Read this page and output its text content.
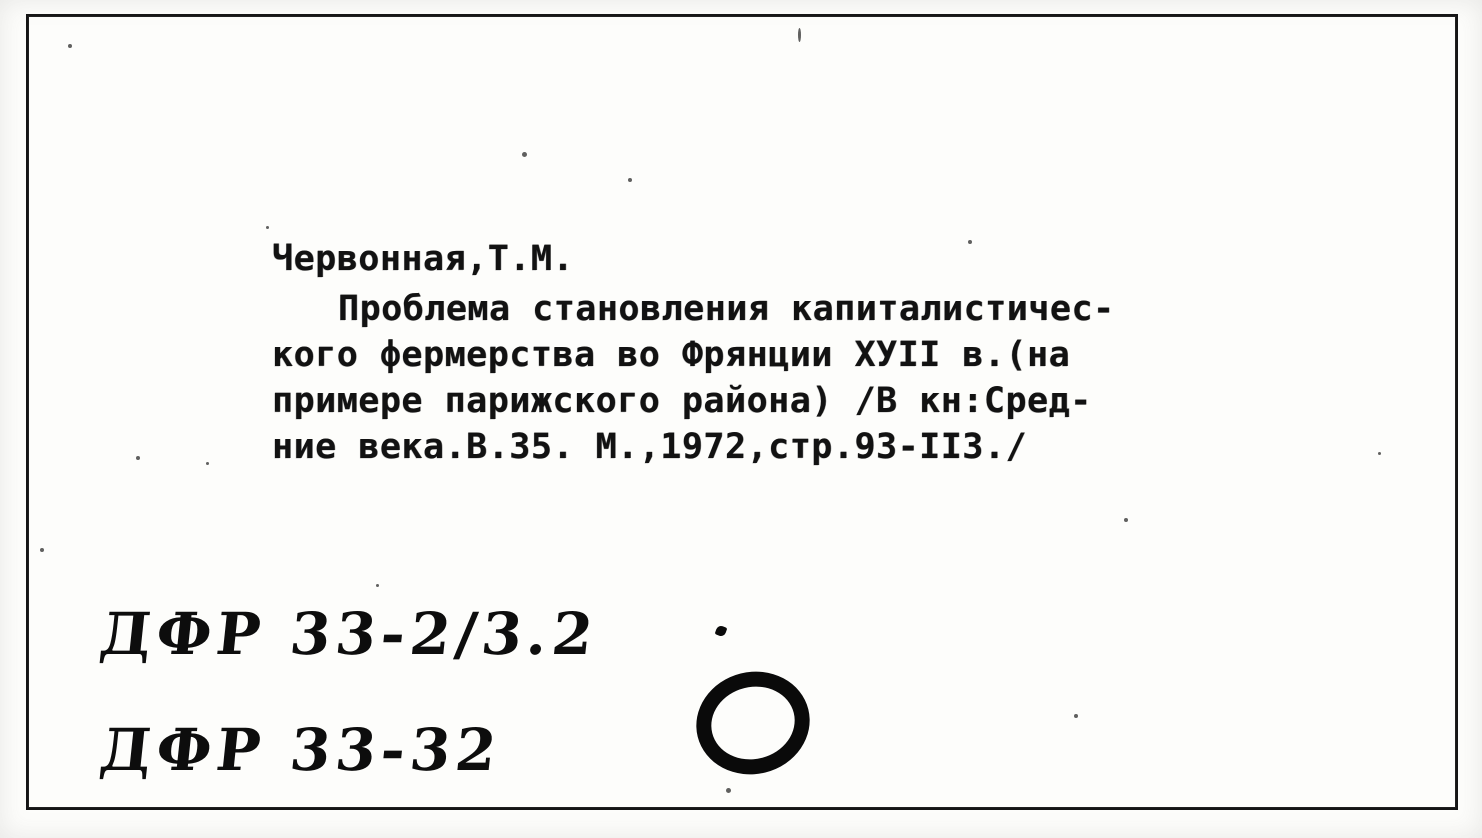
Червонная,Т.М.
Проблема становления капиталистичес-
кого фермерства во Фрянции ХУII в.(на
примере парижского района) /В кн:Сред-
ние века.В.35. М.,1972,стр.93-II3./
ДФР 33-2/3.2
ДФР 33-32
